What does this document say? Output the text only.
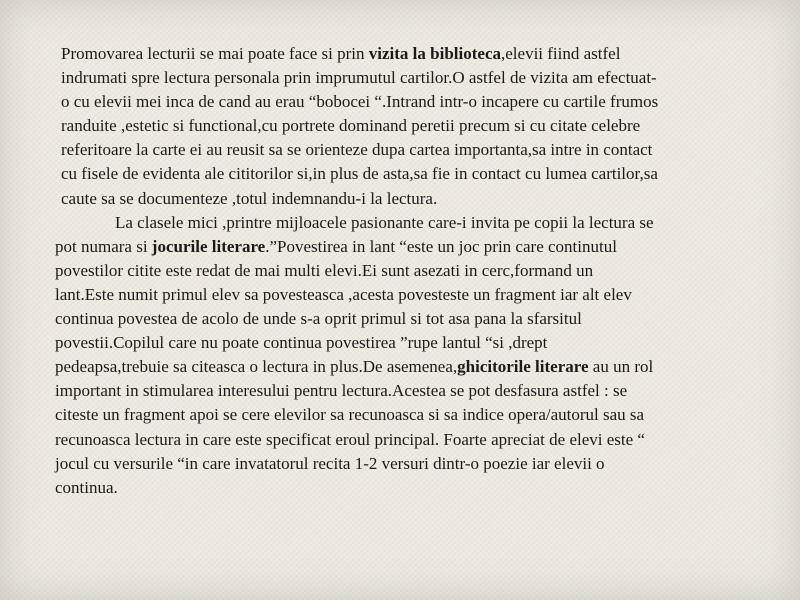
Promovarea lecturii se mai poate face si prin vizita la biblioteca,elevii fiind astfel
indrumati spre lectura personala prin imprumutul cartilor.O astfel de vizita am efectuat-
o cu elevii mei inca de cand au erau “bobocei “.Intrand intr-o incapere cu cartile frumos
randuite ,estetic si functional,cu portrete dominand peretii precum si cu citate celebre
referitoare la carte ei au reusit sa se orienteze dupa cartea importanta,sa intre in contact
cu fisele de evidenta ale cititorilor si,in plus de asta,sa fie in contact cu lumea cartilor,sa
caute sa se documenteze ,totul indemnandu-i la lectura.

La clasele mici ,printre mijloacele pasionante care-i invita pe copii la lectura se
pot numara si jocurile literare.”Povestirea in lant “este un joc prin care continutul
povestilor citite este redat de mai multi elevi.Ei sunt asezati in cerc,formand un
lant.Este numit primul elev sa povesteasca ,acesta povesteste un fragment iar alt elev
continua povestea de acolo de unde s-a oprit primul si tot asa pana la sfarsitul
povestii.Copilul care nu poate continua povestirea ”rupe lantul “si ,drept
pedeapsa,trebuie sa citeasca o lectura in plus.De asemenea,ghicitorile literare au un rol
important in stimularea interesului pentru lectura.Acestea se pot desfasura astfel : se
citeste un fragment apoi se cere elevilor sa recunoasca si sa indice opera/autorul sau sa
recunoasca lectura in care este specificat eroul principal. Foarte apreciat de elevi este “
jocul cu versurile “in care invatatorul recita 1-2 versuri dintr-o poezie iar elevii o
continua.
